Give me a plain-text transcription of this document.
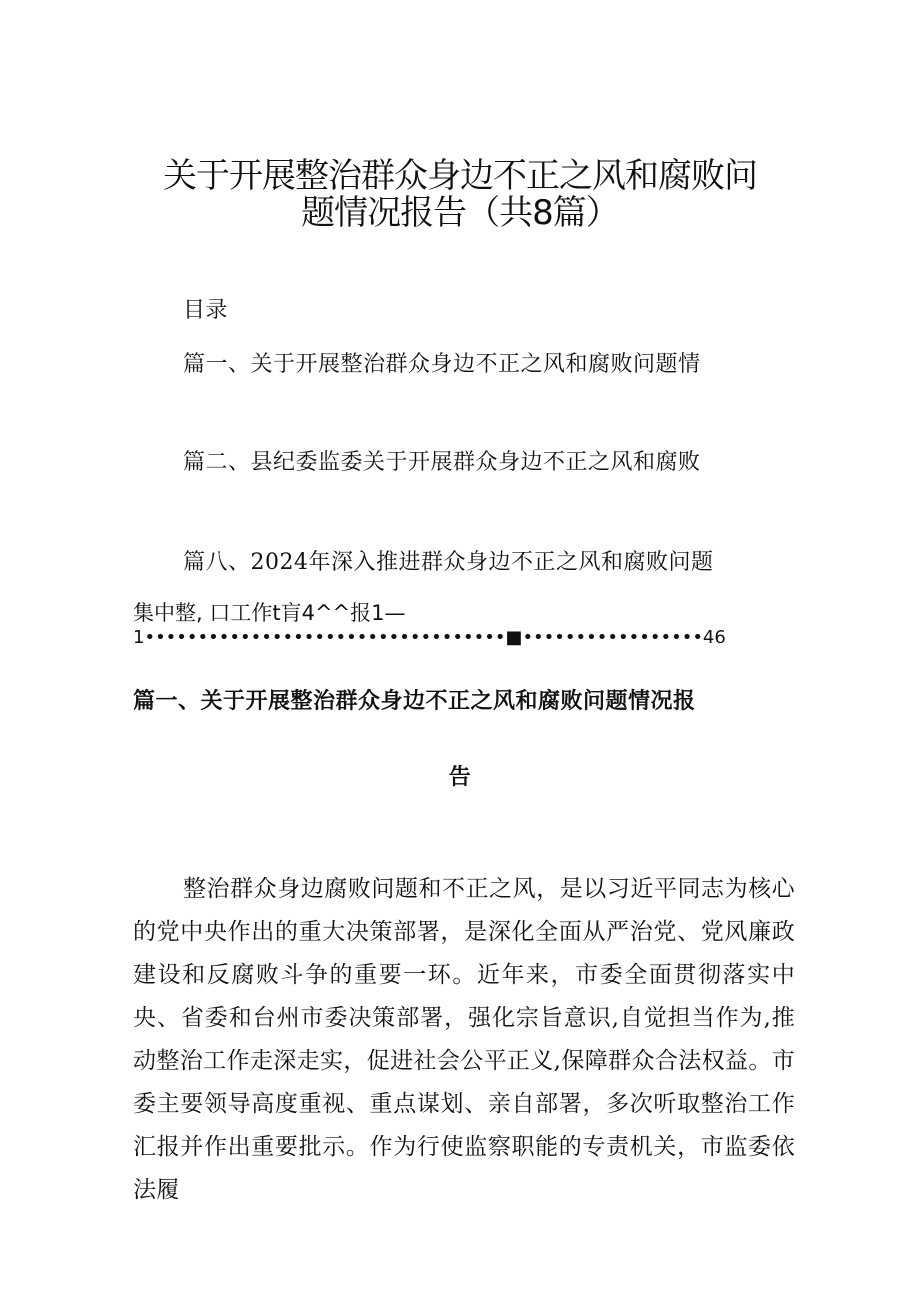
关于开展整治群众身边不正之风和腐败问
题情况报告（共8篇）
目录
篇一、关于开展整治群众身边不正之风和腐败问题情
篇二、县纪委监委关于开展群众身边不正之风和腐败
篇八、2024年深入推进群众身边不正之风和腐败问题
集中整, 口工作t肓4^^报1—
1••••••••••••••••••••••••••••••••••■•••••••••••••••••46
篇一、关于开展整治群众身边不正之风和腐败问题情况报
告
整治群众身边腐败问题和不正之风，是以习近平同志为核心的党中央作出的重大决策部署，是深化全面从严治党、党风廉政建设和反腐败斗争的重要一环。近年来，市委全面贯彻落实中央、省委和台州市委决策部署，强化宗旨意识,自觉担当作为,推动整治工作走深走实，促进社会公平正义,保障群众合法权益。市委主要领导高度重视、重点谋划、亲自部署，多次听取整治工作汇报并作出重要批示。作为行使监察职能的专责机关，市监委依法履
